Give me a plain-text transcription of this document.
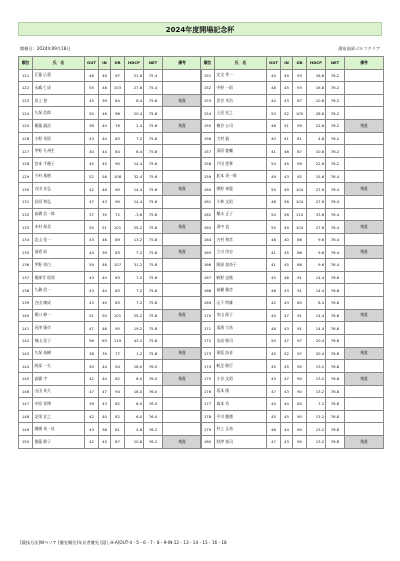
2024年度開場記念杯
開催日：2024年09月18日	湯布高原ゴルフクラブ
順位	氏　名	OUT	IN	GR	HDCP	NET	備考
121	江藤 広重	46	49	97	21.6	75.4	
122	永嶋 仁成	55	48	103	27.6	75.4	
123	田上 登	45	39	84	8.4	75.6	飛賞
124	久保 浩郎	50	46	96	20.4	75.6	
125	衛藤 誠治	38	40	78	2.4	75.6	飛賞
126	小野 栄昭	43	40	83	7.2	75.8	
127	甲野 九州生	40	44	84	8.4	75.6	
128	宮本 千穂子	45	45	90	14.4	75.6	
129	今村 基植	52	56	108	32.4	75.6	
130	吉田 宣弘	42	48	90	14.4	75.6	飛賞
131	岩原 和弘	47	43	90	14.4	75.6	
132	高橋 信一郎	37	35	72	-3.6	75.6	
133	木村 保美	50	51	101	25.2	75.8	飛賞
134	北山 佳一	43	46	89	13.2	75.8	
135	部道 彰	44	39	83	7.2	75.8	飛賞
136	甲野 寿白	59	48	107	31.2	75.8	
137	薬師寺 昭邦	43	40	83	7.2	75.8	
138	久鍋 信一	43	40	83	7.2	75.8	
139	吉田 廣成	43	40	83	7.2	75.8	
140	栃口 修一	51	50	101	25.2	75.8	飛賞
141	河津 隆市	47	48	95	19.2	75.8	
142	堀山 佳子	56	63	119	43.2	75.8	
143	久保 裕樹	38	39	77	1.2	75.8	飛賞
144	阿部 一夫	50	44	94	18.0	76.0	
145	高橋 宇	42	40	82	6.0	76.0	飛賞
146	山田 英久	47	47	94	18.0	76.0	
147	中原 寿博	39	43	82	6.0	76.0	
148	足岡 宏之	42	40	82	6.0	76.0	
149	國廣 英一良	43	38	81	4.8	76.2	
150	後藤 節子	42	45	87	10.8	76.2	飛賞
順位	氏　名	OUT	IN	GR	HDCP	NET	備考
151	完全 孝一	44	49	93	16.8	76.2	
152	中野 一昭	48	45	93	16.8	76.2	
153	渋谷 幸治	44	43	87	10.8	76.2	
154	土居 宣之	53	52	105	28.8	76.2	
155	椿谷 公司	48	51	99	22.8	76.2	飛賞
156	大村 誠	40	41	81	4.8	76.2	
157	清原 俊輔	41	46	87	10.8	76.2	
158	戸田 悠華	54	45	99	22.8	76.2	
159	此本 英一郎	49	43	92	15.6	76.4	
160	閑野 泰俊	55	49	104	27.6	76.4	飛賞
161	小林 文昭	48	56	104	27.6	76.4	
162	稲永 正子	54	56	110	33.6	76.4	
163	須中 直	55	49	104	27.6	76.4	飛賞
164	吉村 和彦	46	40	86	9.6	76.4	
165	立川 淳史	41	45	86	9.6	76.4	飛賞
166	阿部 加奈子	41	45	86	9.6	76.4	
167	帆野 忠後	45	46	91	14.4	76.6	
168	髙瀬 雅彦	48	43	91	14.4	76.6	
169	山下 明雄	42	43	85	8.4	76.6	
170	市山 郎子	44	47	91	14.4	76.6	飛賞
171	清渕 大祐	48	43	91	14.4	76.6	
172	友成 敏司	50	47	97	20.4	76.6	
173	保坂 詩音	45	52	97	20.4	76.6	飛賞
174	帆足 敏行	45	45	90	13.2	76.8	
175	小谷 文昭	43	47	90	13.2	76.8	飛賞
176	坂本 隆	47	43	90	13.2	76.8	
177	森本 功	44	40	84	7.2	76.8	
178	平川 慶德	45	45	90	13.2	76.8	
179	村上 正裕	46	44	90	13.2	76.8	
180	財津 裕司	47	43	90	13.2	76.8	飛賞
[競技方法]Wペリア [優先順位]年長者優先 [隠しH-A]OUT-4・5・6・7・8・9-IN-12・13・14・15・16・18
